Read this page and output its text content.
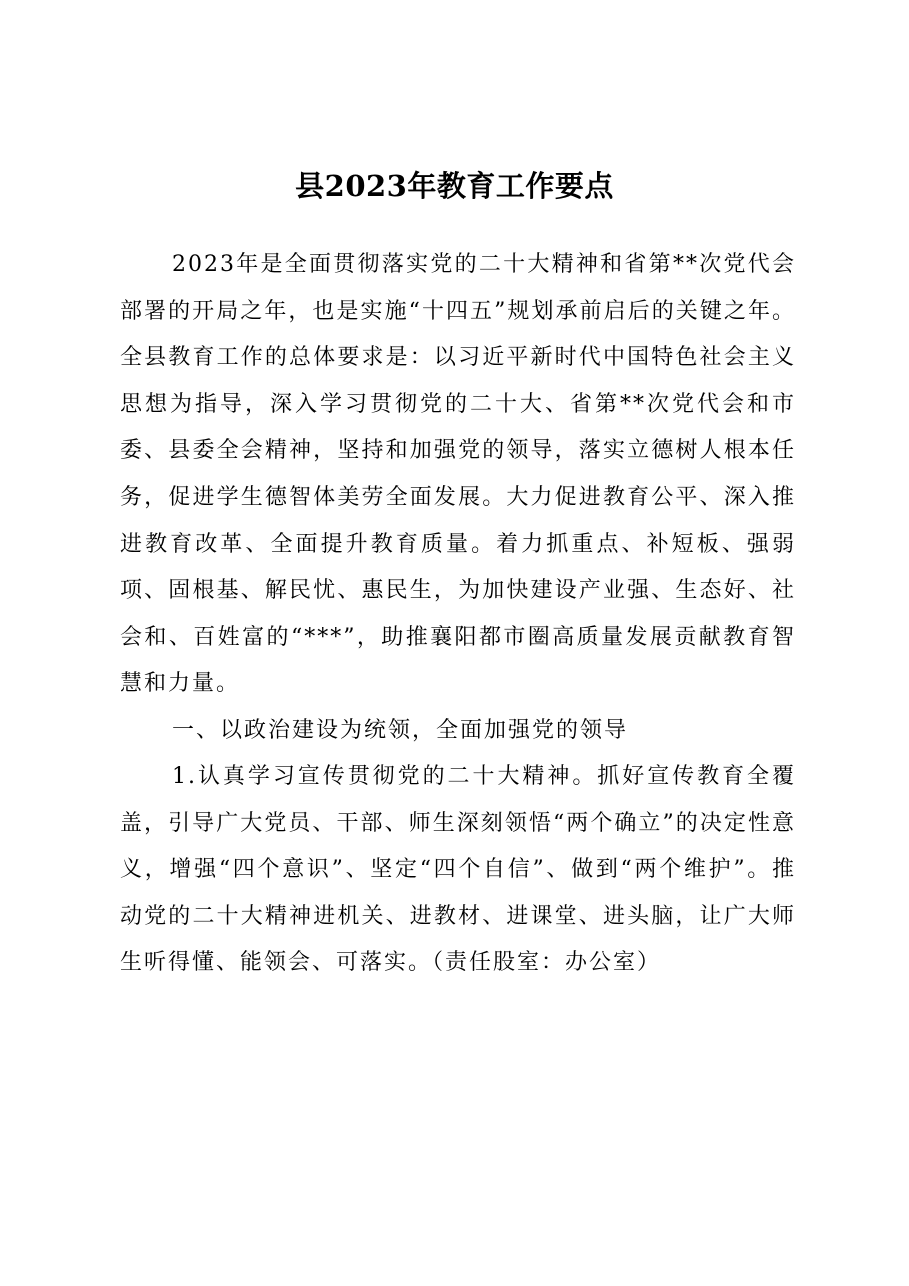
县2023年教育工作要点

2023年是全面贯彻落实党的二十大精神和省第**次党代会部署的开局之年，也是实施“十四五”规划承前启后的关键之年。全县教育工作的总体要求是：以习近平新时代中国特色社会主义思想为指导，深入学习贯彻党的二十大、省第**次党代会和市委、县委全会精神，坚持和加强党的领导，落实立德树人根本任务，促进学生德智体美劳全面发展。大力促进教育公平、深入推进教育改革、全面提升教育质量。着力抓重点、补短板、强弱项、固根基、解民忧、惠民生，为加快建设产业强、生态好、社会和、百姓富的“***”，助推襄阳都市圈高质量发展贡献教育智慧和力量。

一、以政治建设为统领，全面加强党的领导

1.认真学习宣传贯彻党的二十大精神。抓好宣传教育全覆盖，引导广大党员、干部、师生深刻领悟“两个确立”的决定性意义，增强“四个意识”、坚定“四个自信”、做到“两个维护”。推动党的二十大精神进机关、进教材、进课堂、进头脑，让广大师生听得懂、能领会、可落实。（责任股室：办公室）
